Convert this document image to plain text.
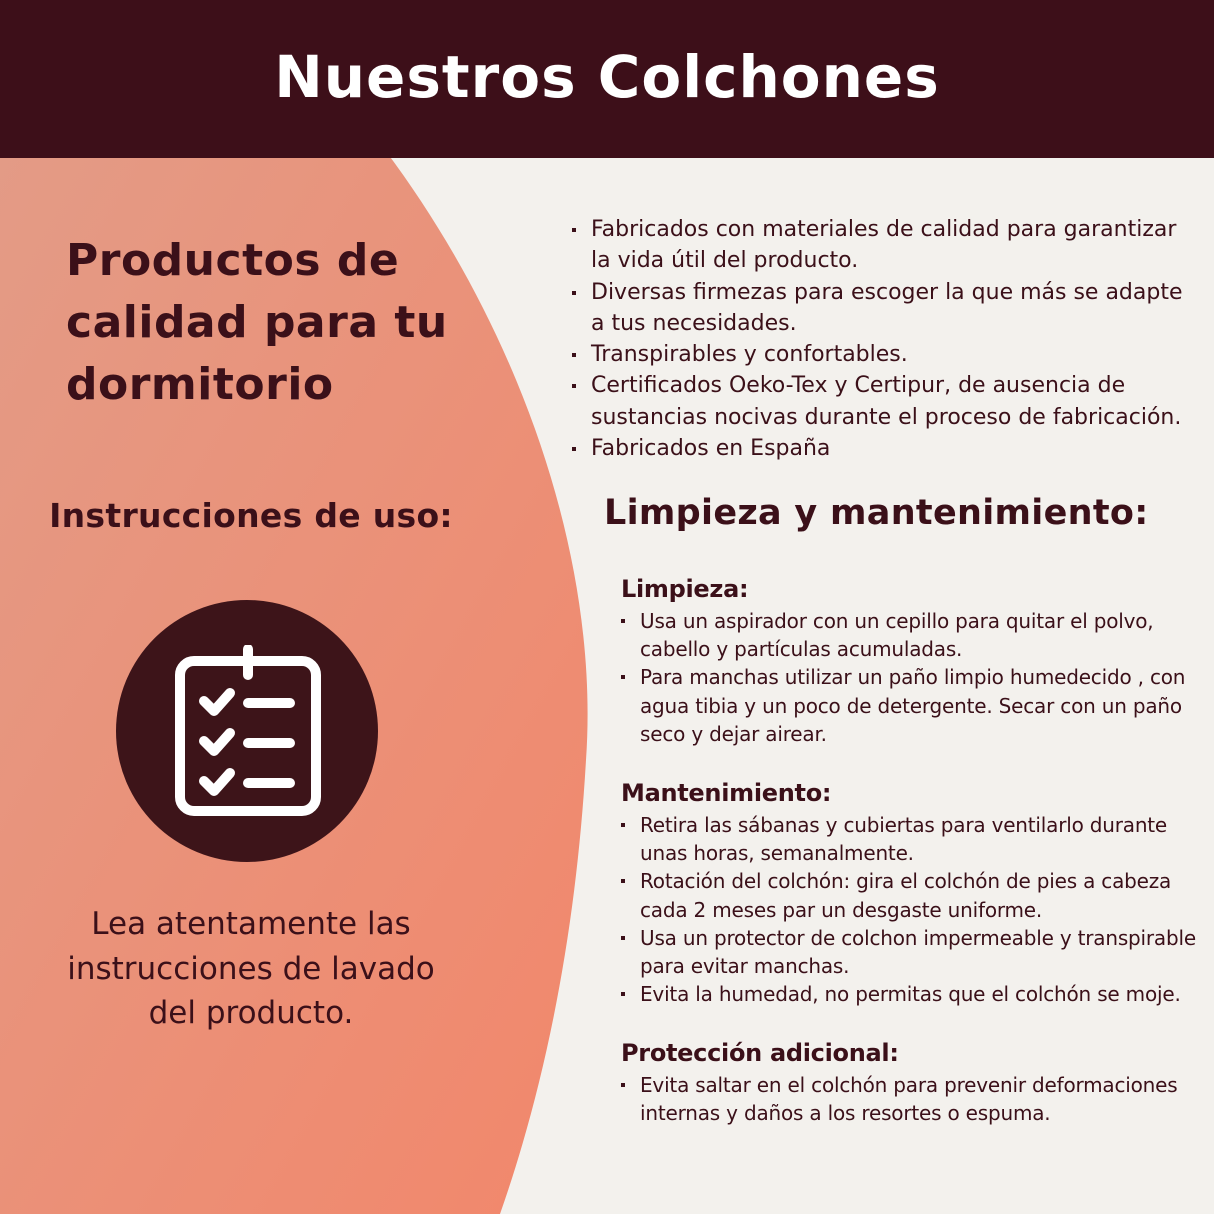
Nuestros Colchones
Productos de calidad para tu dormitorio
Instrucciones de uso:

Lea atentamente las instrucciones de lavado del producto.

Fabricados con materiales de calidad para garantizar la vida útil del producto.
Diversas firmezas para escoger la que más se adapte a tus necesidades.
Transpirables y confortables.
Certificados Oeko-Tex y Certipur, de ausencia de sustancias nocivas durante el proceso de fabricación.
Fabricados en España
Limpieza y mantenimiento:
Limpieza:
Usa un aspirador con un cepillo para quitar el polvo, cabello y partículas acumuladas.
Para manchas utilizar un paño limpio humedecido , con agua tibia y un poco de detergente. Secar con un paño seco y dejar airear.
Mantenimiento:
Retira las sábanas y cubiertas para ventilarlo durante unas horas, semanalmente.
Rotación del colchón: gira el colchón de pies a cabeza cada 2 meses par un desgaste uniforme.
Usa un protector de colchon impermeable y transpirable para evitar manchas.
Evita la humedad, no permitas que el colchón se moje.
Protección adicional:
Evita saltar en el colchón para prevenir deformaciones internas y daños a los resortes o espuma.
